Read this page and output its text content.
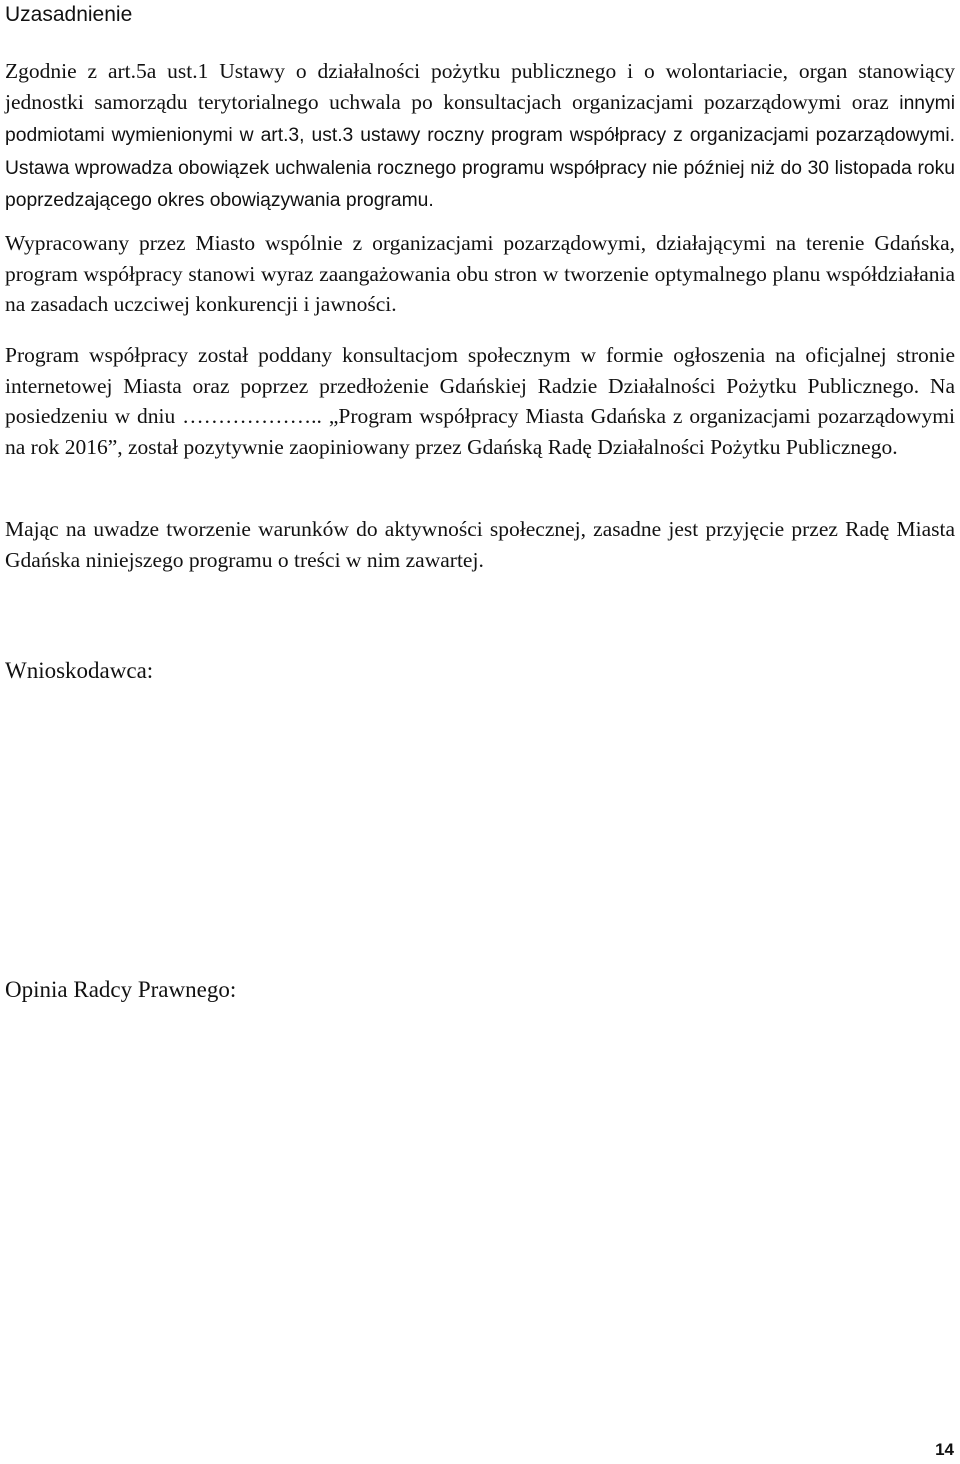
Uzasadnienie

Zgodnie z art.5a ust.1 Ustawy o działalności pożytku publicznego i o wolontariacie, organ stanowiący jednostki samorządu terytorialnego uchwala po konsultacjach organizacjami pozarządowymi oraz innymi podmiotami wymienionymi w art.3, ust.3 ustawy roczny program współpracy z organizacjami pozarządowymi. Ustawa wprowadza obowiązek uchwalenia rocznego programu współpracy nie później niż do 30 listopada roku poprzedzającego okres obowiązywania programu.

Wypracowany przez Miasto wspólnie z organizacjami pozarządowymi, działającymi na terenie Gdańska, program współpracy stanowi wyraz zaangażowania obu stron w tworzenie optymalnego planu współdziałania na zasadach uczciwej konkurencji i jawności.

Program współpracy został poddany konsultacjom społecznym w formie ogłoszenia na oficjalnej stronie internetowej Miasta oraz poprzez przedłożenie Gdańskiej Radzie Działalności Pożytku Publicznego. Na posiedzeniu w dniu ……………….. „Program współpracy Miasta Gdańska z organizacjami pozarządowymi na rok 2016”, został pozytywnie zaopiniowany przez Gdańską Radę Działalności Pożytku Publicznego.

Mając na uwadze tworzenie warunków do aktywności społecznej, zasadne jest przyjęcie przez Radę Miasta Gdańska niniejszego programu o treści w nim zawartej.

Wnioskodawca:
Opinia Radcy Prawnego:
14
